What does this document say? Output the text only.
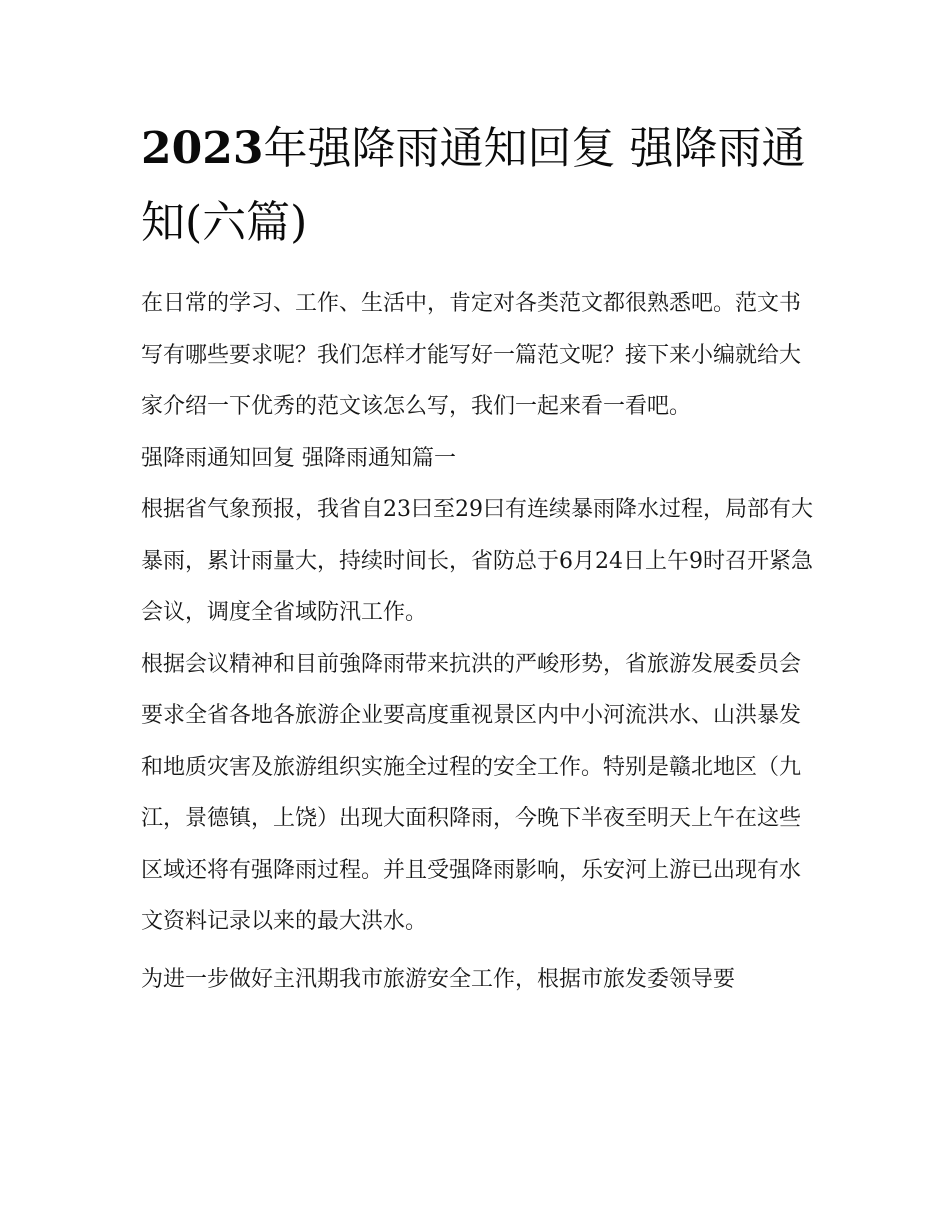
2023年强降雨通知回复 强降雨通知(六篇)

在日常的学习、工作、生活中，肯定对各类范文都很熟悉吧。范文书写有哪些要求呢？我们怎样才能写好一篇范文呢？接下来小编就给大家介绍一下优秀的范文该怎么写，我们一起来看一看吧。

强降雨通知回复 强降雨通知篇一

根据省气象预报，我省自23曰至29曰有连续暴雨降水过程，局部有大暴雨，累计雨量大，持续时间长，省防总于6月24日上午9时召开紧急会议，调度全省域防汛工作。

根据会议精神和目前強降雨带来抗洪的严峻形势，省旅游发展委员会要求全省各地各旅游企业要高度重视景区内中小河流洪水、山洪暴发和地质灾害及旅游组织实施全过程的安全工作。特别是赣北地区（九江，景德镇，上饶）出现大面积降雨，今晚下半夜至明天上午在这些区域还将有强降雨过程。并且受强降雨影响，乐安河上游已出现有水文资料记录以来的最大洪水。

为进一步做好主汛期我市旅游安全工作，根据市旅发委领导要
